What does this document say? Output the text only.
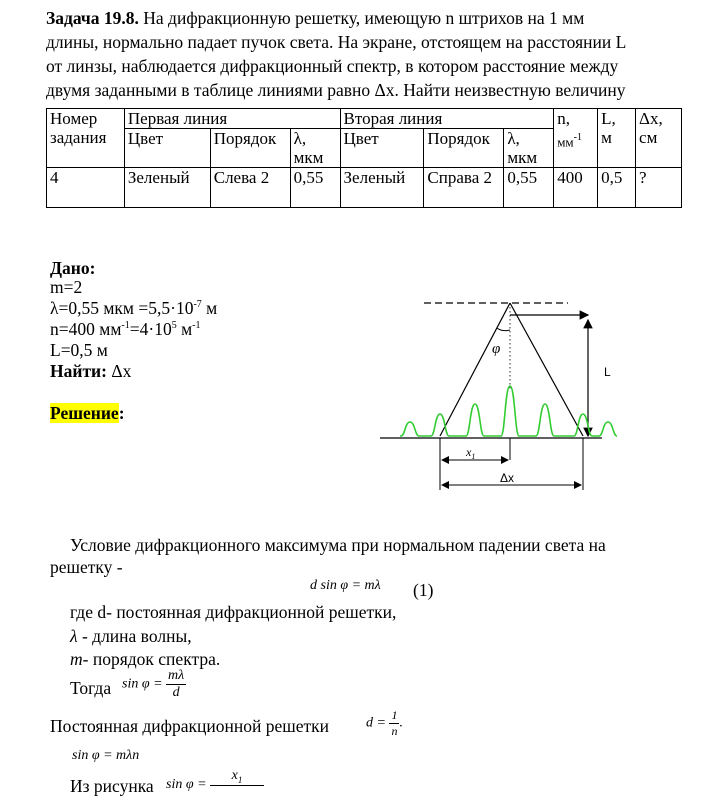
Задача 19.8. На дифракционную решетку, имеющую n штрихов на 1 мм
длины, нормально падает пучок света. На экране, отстоящем на расстоянии L
от линзы, наблюдается дифракционный спектр, в котором расстояние между
двумя заданными в таблице линиями равно Δx. Найти неизвестную величину
Номер задания	Первая линия			Вторая линия			n,
$мм^{-1}$	L,
м	Δx,
см
	Цвет	Порядок	λ,
мкм	Цвет	Порядок	λ,
мкм			
4	Зеленый	Слева 2	0,55	Зеленый	Справа 2	0,55	400	0,5	?
Дано:
m=2
λ=0,55 мкм $=5,5\cdot 10^{-7}$ м
n=400 $мм^{-1}=4\cdot 10^5$ $м^{-1}$
L=0,5 м
Найти: Δx
φ
L
$x_1$
Δx
Решение:
Условие дифракционного максимума при нормальном падении света на
решетку -
d sin φ = mλ (1)
где d- постоянная дифракционной решетки,
λ - длина волны,
m- порядок спектра.
Тогда $\sin \varphi = \frac{m\lambda}{d}$
Постоянная дифракционной решетки	$d = \frac{1}{n}$ .
sin φ = mλn
Из рисунка sin φ =
$x_1$
